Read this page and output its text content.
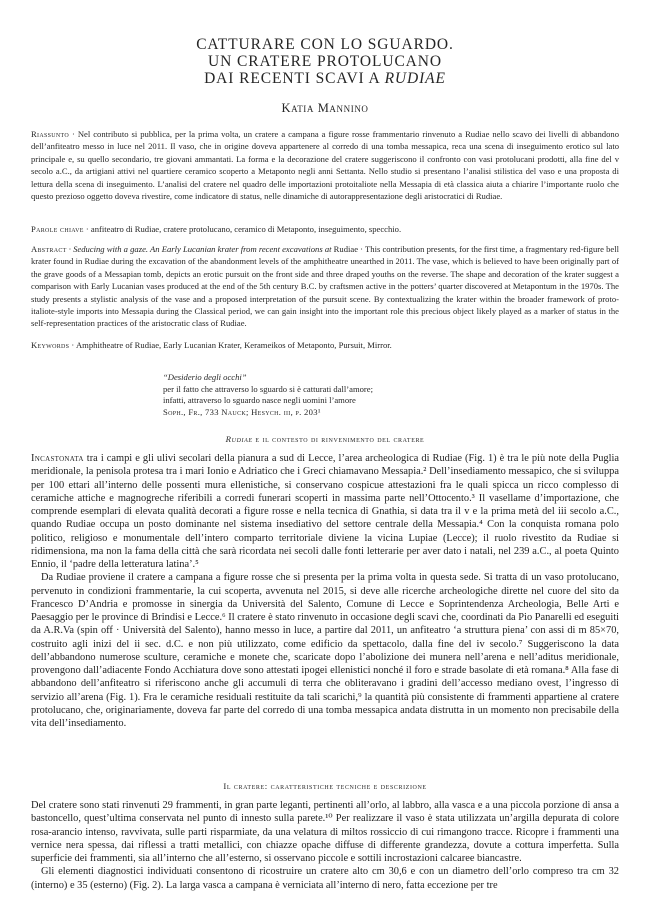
CATTURARE CON LO SGUARDO.
UN CRATERE PROTOLUCANO
DAI RECENTI SCAVI A RUDIAE
Katia Mannino
Riassunto · Nel contributo si pubblica, per la prima volta, un cratere a campana a figure rosse frammentario rinvenuto a Rudiae nello scavo dei livelli di abbandono dell’anfiteatro messo in luce nel 2011. Il vaso, che in origine doveva appartenere al corredo di una tomba messapica, reca una scena di inseguimento erotico sul lato principale e, su quello secondario, tre giovani ammantati. La forma e la decorazione del cratere suggeriscono il confronto con vasi protolucani prodotti, alla fine del v secolo a.C., da artigiani attivi nel quartiere ceramico scoperto a Metaponto negli anni Settanta. Nello studio si presentano l’analisi stilistica del vaso e una proposta di lettura della scena di inseguimento. L’analisi del cratere nel quadro delle importazioni protoitaliote nella Messapia di età classica aiuta a chiarire l’importante ruolo che questo prezioso oggetto doveva rivestire, come indicatore di status, nelle dinamiche di autorappresentazione degli aristocratici di Rudiae.
Parole chiave · anfiteatro di Rudiae, cratere protolucano, ceramico di Metaponto, inseguimento, specchio.
Abstract · Seducing with a gaze. An Early Lucanian krater from recent excavations at Rudiae · This contribution presents, for the first time, a fragmentary red-figure bell krater found in Rudiae during the excavation of the abandonment levels of the amphitheatre unearthed in 2011. The vase, which is believed to have been originally part of the grave goods of a Messapian tomb, depicts an erotic pursuit on the front side and three draped youths on the reverse. The shape and decoration of the krater suggest a comparison with Early Lucanian vases produced at the end of the 5th century B.C. by craftsmen active in the potters’ quarter discovered at Metapontum in the 1970s. The study presents a stylistic analysis of the vase and a proposed interpretation of the pursuit scene. By contextualizing the krater within the broader framework of proto-italiote-style imports into Messapia during the Classical period, we can gain insight into the important role this precious object likely played as a marker of status in the self-representation practices of the aristocratic class of Rudiae.
Keywords · Amphitheatre of Rudiae, Early Lucanian Krater, Kerameikos of Metaponto, Pursuit, Mirror.
“Desiderio degli occhi”
per il fatto che attraverso lo sguardo si è catturati dall’amore;
infatti, attraverso lo sguardo nasce negli uomini l’amore
Soph., Fr., 733 Nauck; Hesych. iii, p. 203¹
Rudiae e il contesto di rinvenimento del cratere

Incastonata tra i campi e gli ulivi secolari della pianura a sud di Lecce, l’area archeologica di Rudiae (Fig. 1) è tra le più note della Puglia meridionale, la penisola protesa tra i mari Ionio e Adriatico che i Greci chiamavano Messapia.² Dell’insediamento messapico, che si sviluppa per 100 ettari all’interno delle possenti mura ellenistiche, si conservano cospicue attestazioni fra le quali spicca un ricco complesso di ceramiche attiche e magnogreche riferibili a corredi funerari scoperti in massima parte nell’Ottocento.³ Il vasellame d’importazione, che comprende esemplari di elevata qualità decorati a figure rosse e nella tecnica di Gnathia, si data tra il v e la prima metà del iii secolo a.C., quando Rudiae occupa un posto dominante nel sistema insediativo del settore centrale della Messapia.⁴ Con la conquista romana polo politico, religioso e monumentale dell’intero comparto territoriale diviene la vicina Lupiae (Lecce); il ruolo rivestito da Rudiae si ridimensiona, ma non la fama della città che sarà ricordata nei secoli dalle fonti letterarie per aver dato i natali, nel 239 a.C., al poeta Quinto Ennio, il ‘padre della letteratura latina’.⁵

Da Rudiae proviene il cratere a campana a figure rosse che si presenta per la prima volta in questa sede. Si tratta di un vaso protolucano, pervenuto in condizioni frammentarie, la cui scoperta, avvenuta nel 2015, si deve alle ricerche archeologiche dirette nel cuore del sito da Francesco D’Andria e promosse in sinergia da Università del Salento, Comune di Lecce e Soprintendenza Archeologia, Belle Arti e Paesaggio per le province di Brindisi e Lecce.⁶ Il cratere è stato rinvenuto in occasione degli scavi che, coordinati da Pio Panarelli ed eseguiti da A.R.Va (spin off · Università del Salento), hanno messo in luce, a partire dal 2011, un anfiteatro ‘a struttura piena’ con assi di m 85×70, costruito agli inizi del ii sec. d.C. e non più utilizzato, come edificio da spettacolo, dalla fine del iv secolo.⁷ Suggeriscono la data dell’abbandono numerose sculture, ceramiche e monete che, scaricate dopo l’abolizione dei munera nell’arena e nell’aditus meridionale, provengono dall’adiacente Fondo Acchiatura dove sono attestati ipogei ellenistici nonché il foro e strade basolate di età romana.⁸ Alla fase di abbandono dell’anfiteatro si riferiscono anche gli accumuli di terra che obliteravano i gradini dell’accesso mediano ovest, l’ingresso di servizio all’arena (Fig. 1). Fra le ceramiche residuali restituite da tali scarichi,⁹ la quantità più consistente di frammenti appartiene al cratere protolucano, che, originariamente, doveva far parte del corredo di una tomba messapica andata distrutta in un momento non precisabile della vita dell’insediamento.

Il cratere: caratteristiche tecniche e descrizione

Del cratere sono stati rinvenuti 29 frammenti, in gran parte leganti, pertinenti all’orlo, al labbro, alla vasca e a una piccola porzione di ansa a bastoncello, quest’ultima conservata nel punto di innesto sulla parete.¹⁰ Per realizzare il vaso è stata utilizzata un’argilla depurata di colore rosa-arancio intenso, ravvivata, sulle parti risparmiate, da una velatura di miltos rossiccio di cui rimangono tracce. Ricopre i frammenti una vernice nera spessa, dai riflessi a tratti metallici, con chiazze opache diffuse di differente grandezza, dovute a cottura imperfetta. Sulla superficie dei frammenti, sia all’interno che all’esterno, si osservano piccole e sottili incrostazioni calcaree biancastre.

Gli elementi diagnostici individuati consentono di ricostruire un cratere alto cm 30,6 e con un diametro dell’orlo compreso tra cm 32 (interno) e 35 (esterno) (Fig. 2). La larga vasca a campana è verniciata all’interno di nero, fatta eccezione per tre
